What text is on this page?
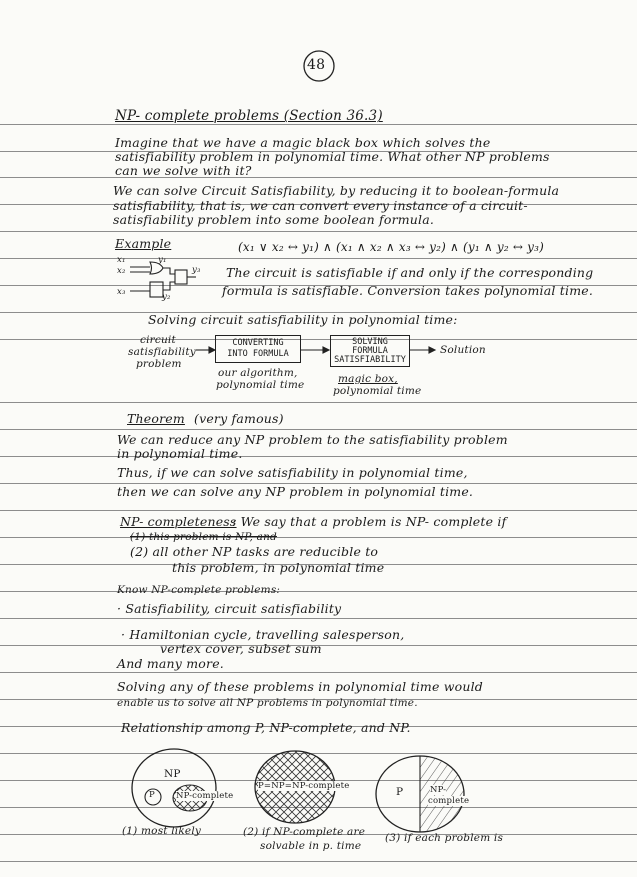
48
NP- complete problems (Section 36.3)
Imagine that we have a magic black box which solves the
satisfiability problem in polynomial time. What other NP problems
can we solve with it?
We can solve Circuit Satisfiability, by reducing it to boolean-formula
satisfiability, that is, we can convert every instance of a circuit-
satisfiability problem into some boolean formula.
Example	(x₁ ∨ x₂ ↔ y₁) ∧ (x₁ ∧ x₂ ∧ x₃ ↔ y₂) ∧ (y₁ ∧ y₂ ↔ y₃)
x₁
x₂
x₃
y₁
y₂
y₃ The circuit is satisfiable if and only if the corresponding
formula is satisfiable. Conversion takes polynomial time.
Solving circuit satisfiability in polynomial time:
circuit
satisfiability
problem
CONVERTING
INTO FORMULA
SOLVING
FORMULA
SATISFIABILITY
Solution
our algorithm,
polynomial time	magic box,
polynomial time
Theorem (very famous)
We can reduce any NP problem to the satisfiability problem
in polynomial time.
Thus, if we can solve satisfiability in polynomial time,
then we can solve any NP problem in polynomial time.
NP- completeness
: We say that a problem is NP- complete if
(1) this problem is NP, and
(2) all other NP tasks are reducible to
this problem, in polynomial time
Know NP-complete problems:
· Satisfiability, circuit satisfiability
· Hamiltonian cycle, travelling salesperson,
vertex cover, subset sum
And many more.
Solving any of these problems in polynomial time would
enable us to solve all NP problems in polynomial time.
Relationship among P, NP-complete, and NP.
NP
P NP-complete
P=NP=NP-complete	P	NP-
complete
(1) most likely	(2) if NP-complete are
solvable in p. time
(3) if each problem is
